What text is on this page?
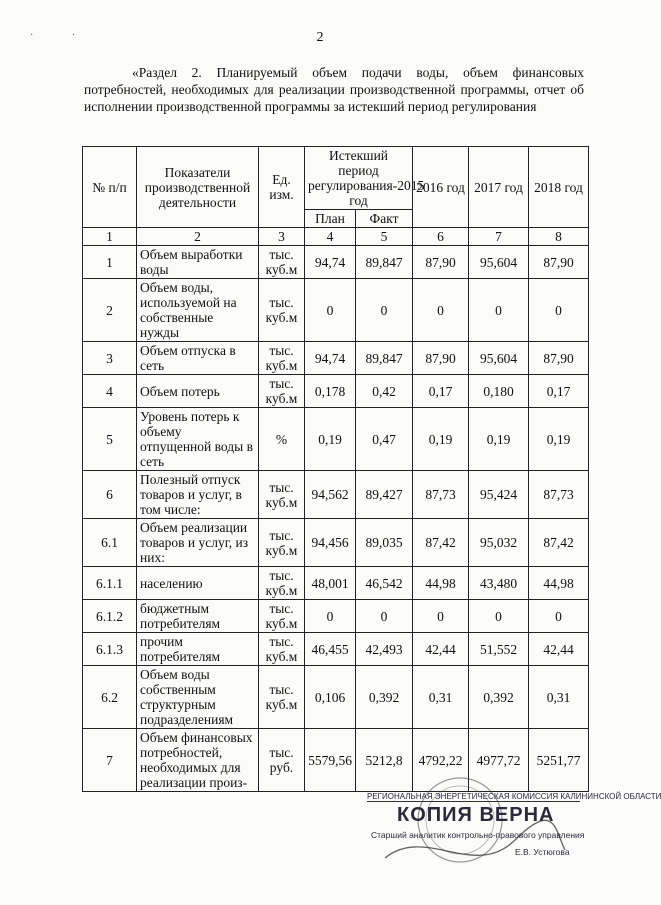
· ·	2
«Раздел 2. Планируемый объем подачи воды, объем финансовых потребностей, необходимых для реализации производственной программы, отчет об исполнении производственной программы за истекший период регулирования
№ п/п	Показатели производственной деятельности	Ед. изм.	Истекший период регулирования-2015 год		2016 год	2017 год	2018 год
			План	Факт			
1	2	3	4	5	6	7	8
1	Объем выработки воды	тыс. куб.м	94,74	89,847	87,90	95,604	87,90
2	Объем воды, используемой на собственные нужды	тыс. куб.м	0	0	0	0	0
3	Объем отпуска в сеть	тыс. куб.м	94,74	89,847	87,90	95,604	87,90
4	Объем потерь	тыс. куб.м	0,178	0,42	0,17	0,180	0,17
5	Уровень потерь к объему отпущенной воды в сеть	%	0,19	0,47	0,19	0,19	0,19
6	Полезный отпуск товаров и услуг, в том числе:	тыс. куб.м	94,562	89,427	87,73	95,424	87,73
6.1	Объем реализации товаров и услуг, из них:	тыс. куб.м	94,456	89,035	87,42	95,032	87,42
6.1.1	населению	тыс. куб.м	48,001	46,542	44,98	43,480	44,98
6.1.2	бюджетным потребителям	тыс. куб.м	0	0	0	0	0
6.1.3	прочим потребителям	тыс. куб.м	46,455	42,493	42,44	51,552	42,44
6.2	Объем воды собственным структурным подразделениям	тыс. куб.м	0,106	0,392	0,31	0,392	0,31
7	Объем финансовых потребностей, необходимых для реализации произ-	тыс. руб.	5579,56	5212,8	4792,22	4977,72	5251,77
РЕГИОНАЛЬНАЯ ЭНЕРГЕТИЧЕСКАЯ КОМИССИЯ КАЛИНИНСКОЙ ОБЛАСТИ
КОПИЯ ВЕРНА
Старший аналитик контрольно-правового управления
Е.В. Устюгова
